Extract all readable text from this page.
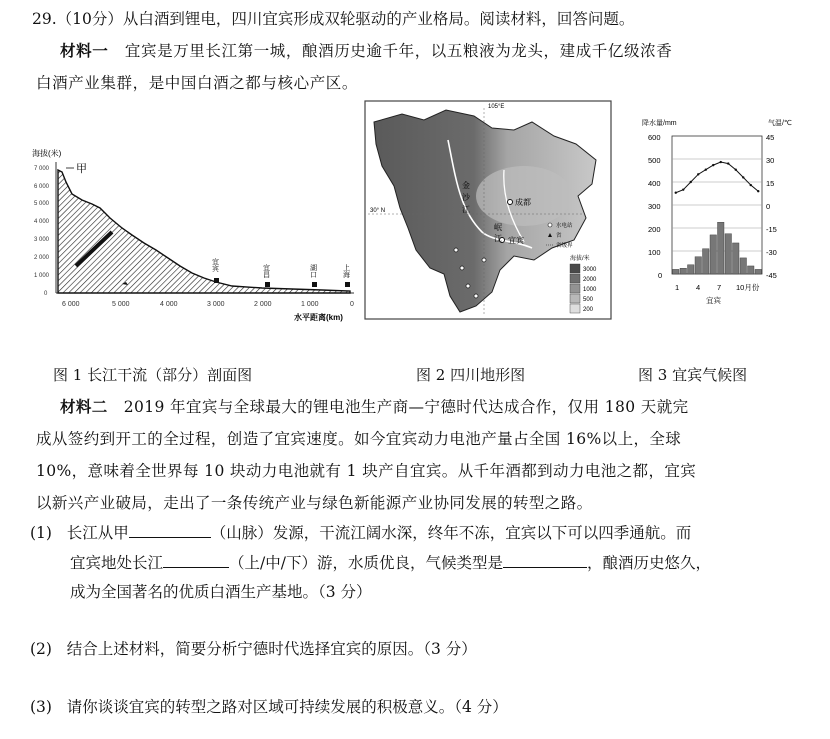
29.（10分）从白酒到锂电，四川宜宾形成双轮驱动的产业格局。阅读材料，回答问题。
材料一 宜宾是万里长江第一城，酿酒历史逾千年，以五粮液为龙头，建成千亿级浓香
白酒产业集群，是中国白酒之都与核心产区。
海拔(米)
7 000
6 000
5 000
4 000
3 000
2 000
1 000
0
甲
宜宾	宜昌	湖口	上海
6 000	5 000	4 000	3 000	2 000	1 000	0
水平距离(km)
105°E
30° N
成都
宜宾
金
沙
江
岷
江
水电站
省
省级界
海拔/米
3000
2000
1000
500
200
降水量/mm	气温/℃
600
500
400
300
200
100
0
45
30
15
0
-15
-30
-45
1 4 7 10月份
宜宾
图 1 长江干流（部分）剖面图	图 2 四川地形图	图 3 宜宾气候图
材料二 2019 年宜宾与全球最大的锂电池生产商—宁德时代达成合作，仅用 180 天就完
成从签约到开工的全过程，创造了宜宾速度。如今宜宾动力电池产量占全国 16%以上，全球
10%，意味着全世界每 10 块动力电池就有 1 块产自宜宾。从千年酒都到动力电池之都，宜宾
以新兴产业破局，走出了一条传统产业与绿色新能源产业协同发展的转型之路。
(1) 长江从甲	（山脉）发源，干流江阔水深，终年不冻，宜宾以下可以四季通航。而
宜宾地处长江	（上/中/下）游，水质优良，气候类型是	，酿酒历史悠久，
成为全国著名的优质白酒生产基地。（3 分）
(2) 结合上述材料，简要分析宁德时代选择宜宾的原因。（3 分）
(3) 请你谈谈宜宾的转型之路对区域可持续发展的积极意义。（4 分）
